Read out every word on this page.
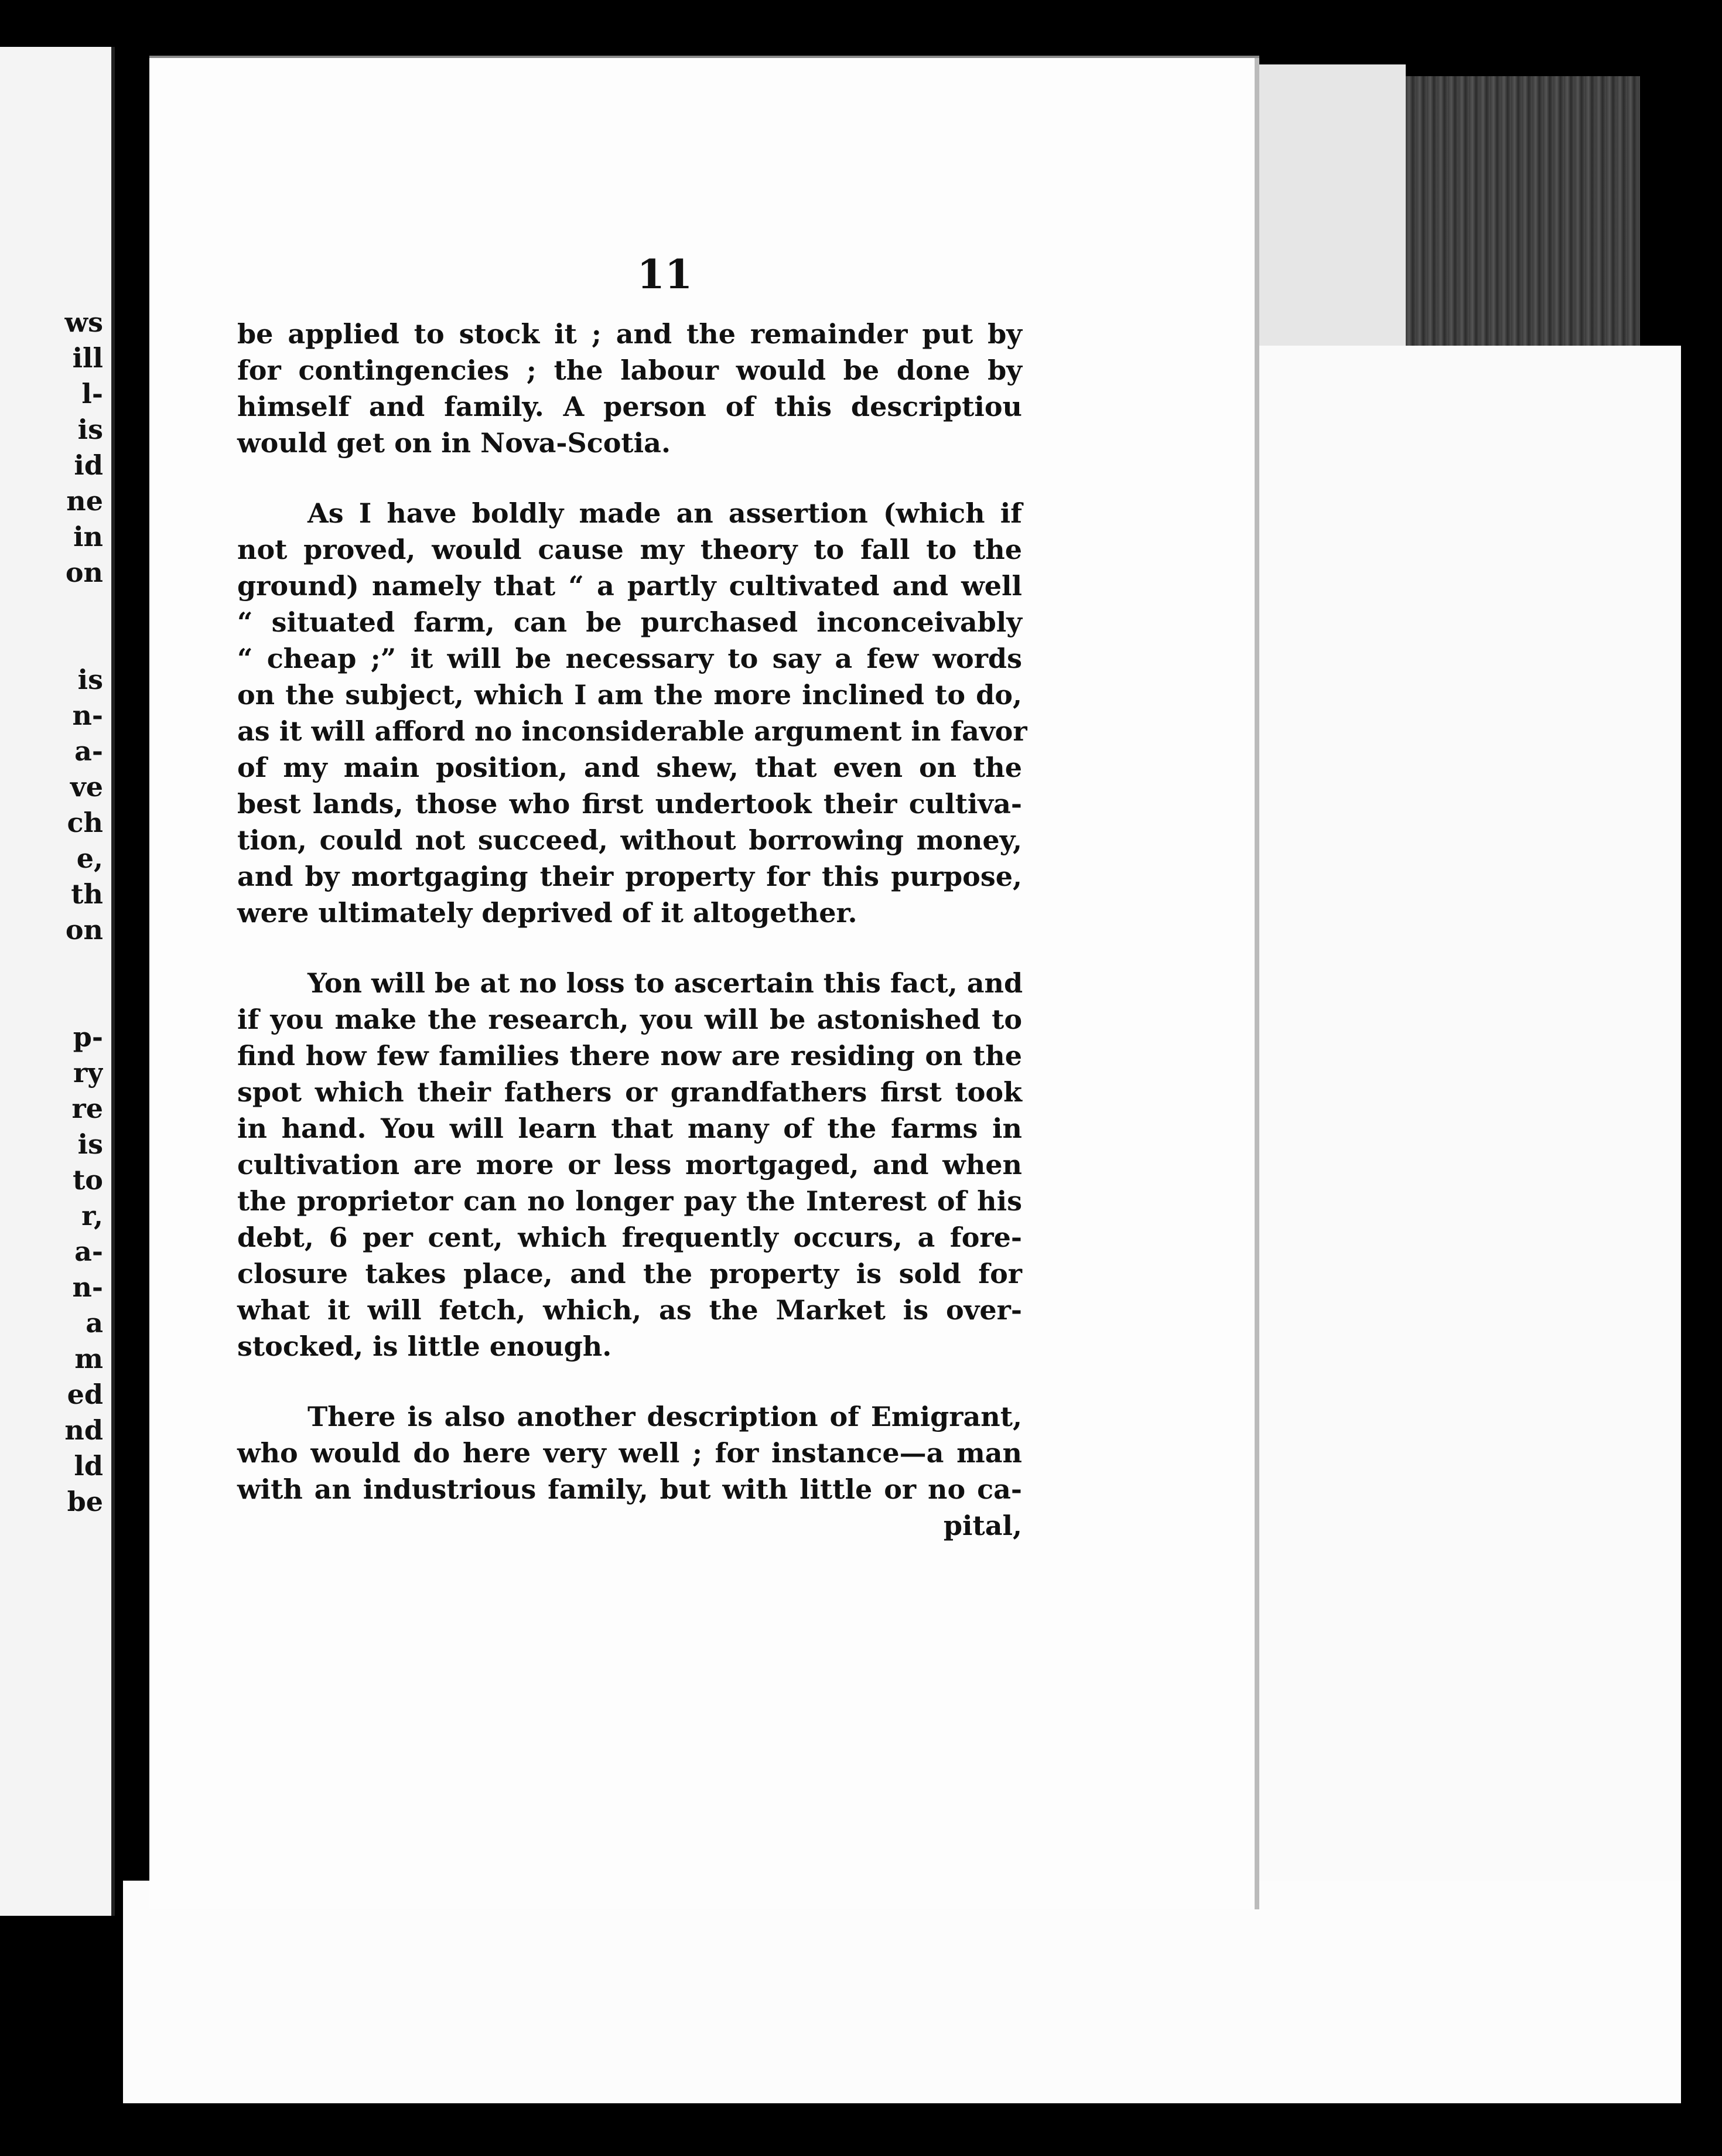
ws
ill
l-
is
id
ne
in
on
is
n-
a-
ve
ch
e,
th
on
p-
ry
re
is
to
r,
a-
n-
a
m
ed
nd
ld
be
11
be applied to stock it ; and the remainder put by
for contingencies ; the labour would be done by
himself and family. A person of this descriptiou
would get on in Nova-Scotia.
As I have boldly made an assertion (which if
not proved, would cause my theory to fall to the
ground) namely that “ a partly cultivated and well
“ situated farm, can be purchased inconceivably
“ cheap ;” it will be necessary to say a few words
on the subject, which I am the more inclined to do,
as it will afford no inconsiderable argument in favor
of my main position, and shew, that even on the
best lands, those who first undertook their cultiva-
tion, could not succeed, without borrowing money,
and by mortgaging their property for this purpose,
were ultimately deprived of it altogether.
Yon will be at no loss to ascertain this fact, and
if you make the research, you will be astonished to
find how few families there now are residing on the
spot which their fathers or grandfathers first took
in hand. You will learn that many of the farms in
cultivation are more or less mortgaged, and when
the proprietor can no longer pay the Interest of his
debt, 6 per cent, which frequently occurs, a fore-
closure takes place, and the property is sold for
what it will fetch, which, as the Market is over-
stocked, is little enough.
There is also another description of Emigrant,
who would do here very well ; for instance—a man
with an industrious family, but with little or no ca-
pital,
